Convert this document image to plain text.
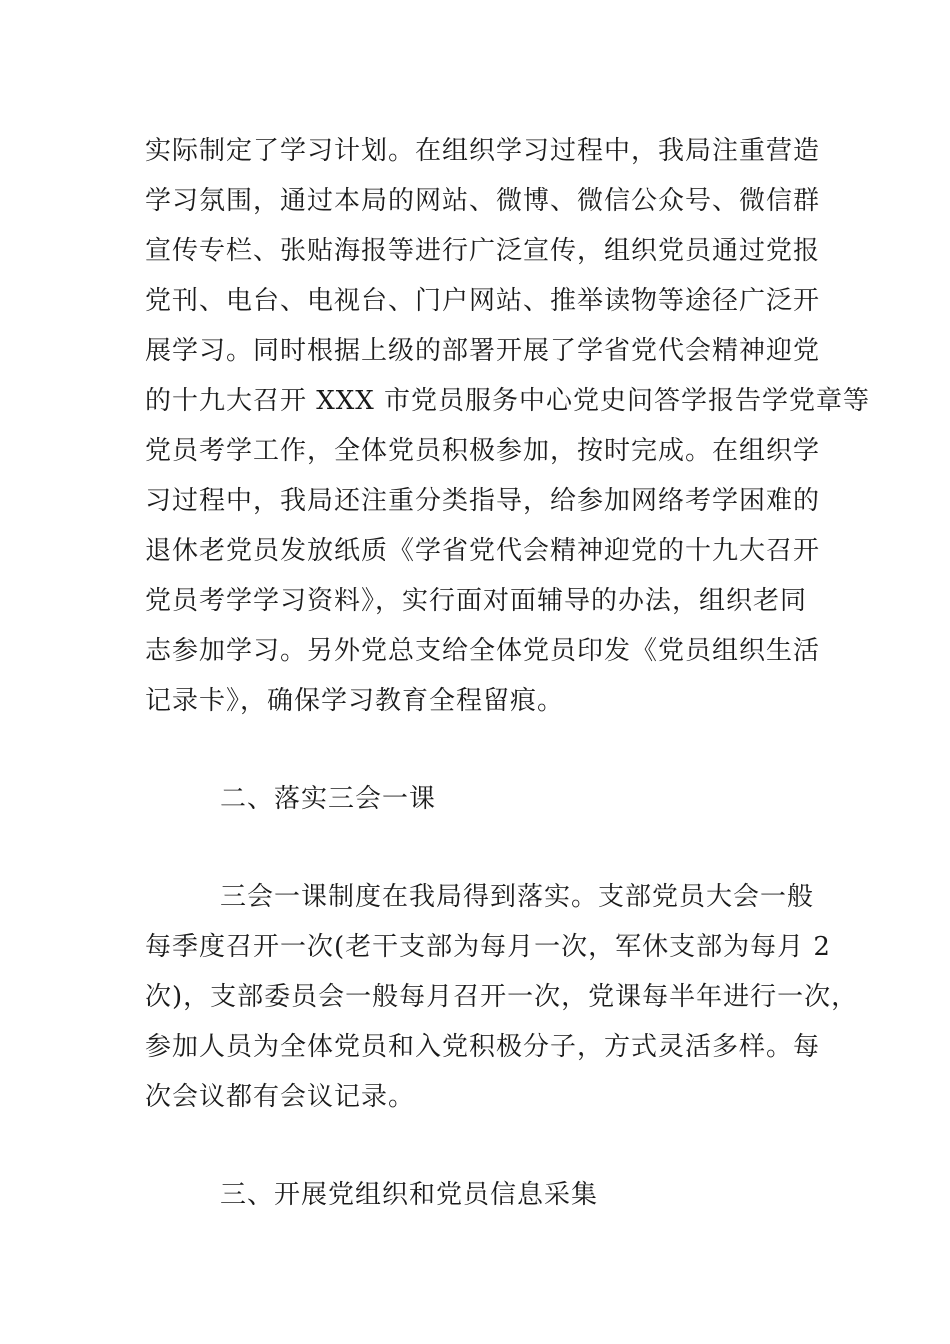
实际制定了学习计划。在组织学习过程中，我局注重营造
学习氛围，通过本局的网站、微博、微信公众号、微信群
宣传专栏、张贴海报等进行广泛宣传，组织党员通过党报
党刊、电台、电视台、门户网站、推举读物等途径广泛开
展学习。同时根据上级的部署开展了学省党代会精神迎党
的十九大召开 XXX 市党员服务中心党史问答学报告学党章等
党员考学工作，全体党员积极参加，按时完成。在组织学
习过程中，我局还注重分类指导，给参加网络考学困难的
退休老党员发放纸质《学省党代会精神迎党的十九大召开
党员考学学习资料》，实行面对面辅导的办法，组织老同
志参加学习。另外党总支给全体党员印发《党员组织生活
记录卡》，确保学习教育全程留痕。
二、落实三会一课
三会一课制度在我局得到落实。支部党员大会一般
每季度召开一次(老干支部为每月一次，军休支部为每月 2
次)，支部委员会一般每月召开一次，党课每半年进行一次，
参加人员为全体党员和入党积极分子，方式灵活多样。每
次会议都有会议记录。
三、开展党组织和党员信息采集
